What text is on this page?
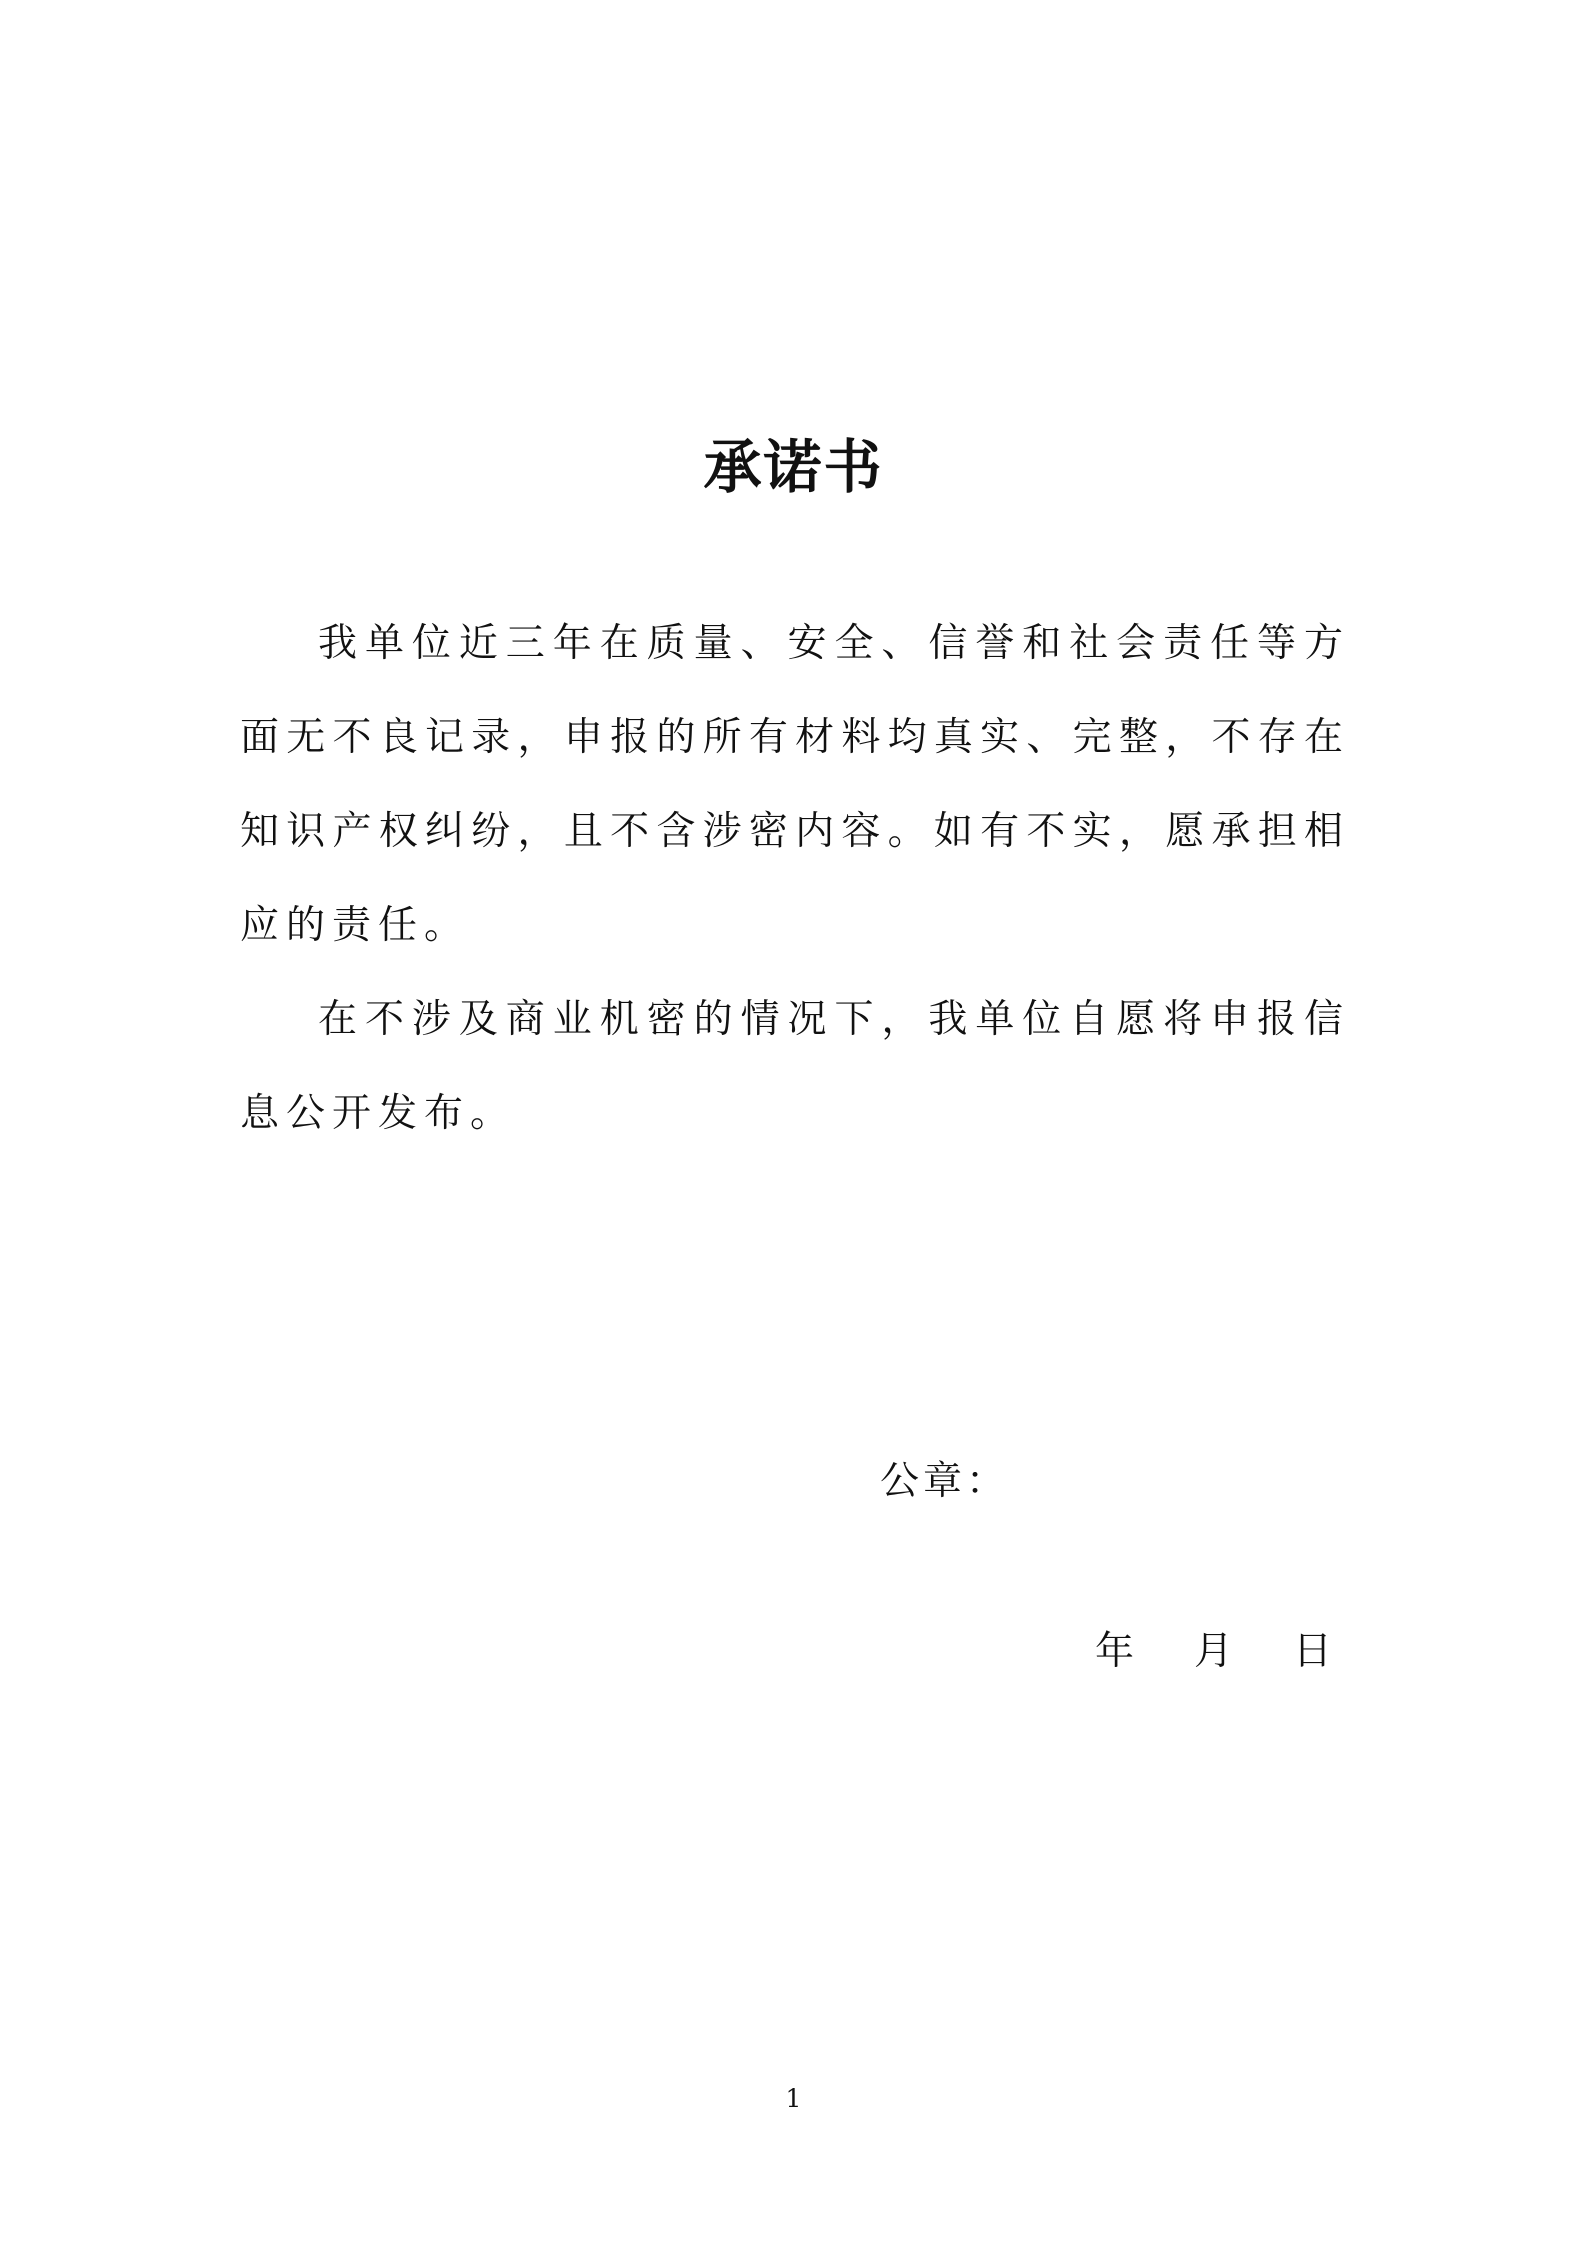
承诺书

我单位近三年在质量、安全、信誉和社会责任等方面无不良记录，申报的所有材料均真实、完整，不存在知识产权纠纷，且不含涉密内容。如有不实，愿承担相应的责任。

在不涉及商业机密的情况下，我单位自愿将申报信息公开发布。

公章：
年 月 日
1
